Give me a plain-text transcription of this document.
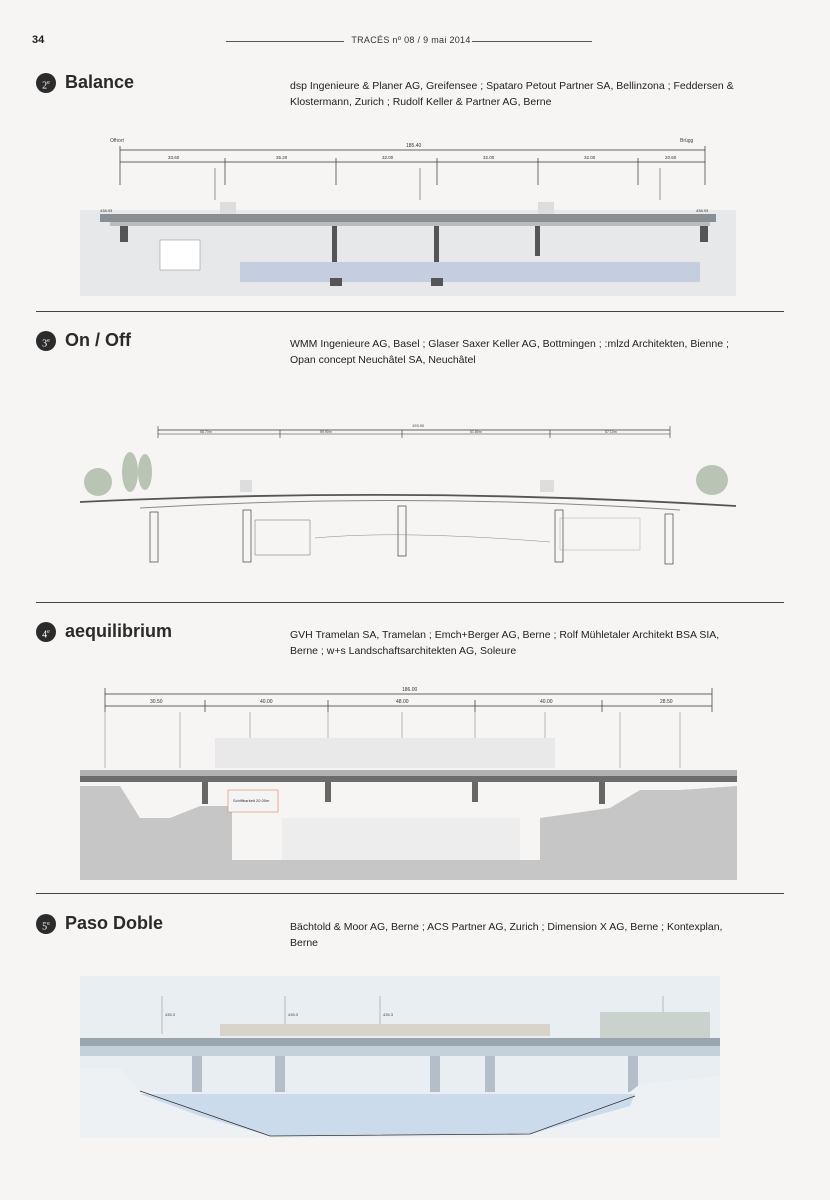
34	TRACÉS nº 08 / 9 mai 2014
2e Balance	dsp Ingenieure & Planer AG, Greifensee ; Spataro Petout Partner SA, Bellinzona ; Feddersen & Klostermann, Zurich ; Rudolf Keller & Partner AG, Berne
Ofhort	Brügg
185.40
33.60	35.20	32.00	32.00	32.00	20.60
438.93	438.93
3e On / Off	WMM Ingenieure AG, Basel ; Glaser Saxer Keller AG, Bottmingen ; :mlzd Architekten, Bienne ; Opan concept Neuchâtel SA, Neuchâtel
193.90
58.70m	59.90m	51.80m	57.10m
4e aequilibrium	GVH Tramelan SA, Tramelan ; Emch+Berger AG, Berne ; Rolf Mühletaler Architekt BSA SIA, Berne ; w+s Landschaftsarchitekten AG, Soleure
186.00
30.50	40.00	48.00	40.00	28.50
Schiffbarkeit 20.00m
5e Paso Doble	Bächtold & Moor AG, Berne ; ACS Partner AG, Zurich ; Dimension X AG, Berne ; Kontexplan, Berne
435.3	435.3	435.3
